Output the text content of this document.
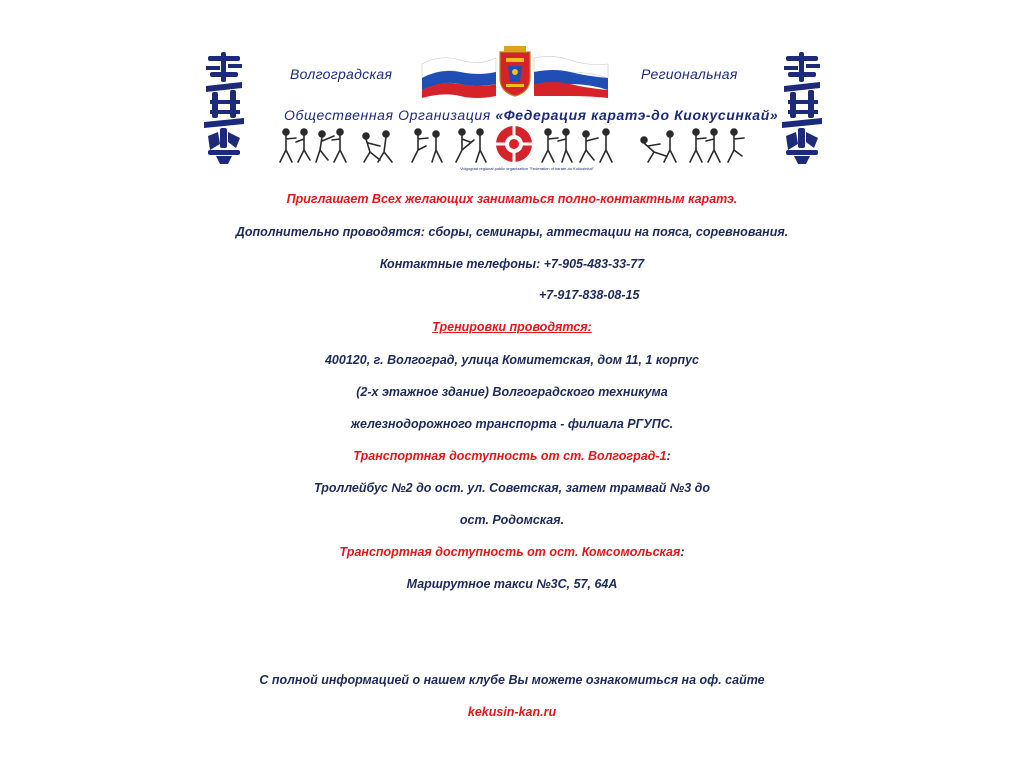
Волгоградская	Региональная
Общественная Организация «Федерация каратэ-до Киокусинкай»
Volgograd regional public organization "Federation of karate-do Kokusinkai"
Приглашает Всех желающих заниматься полно-контактным каратэ.
Дополнительно проводятся: сборы, семинары, аттестации на пояса, соревнования.
Контактные телефоны: +7-905-483-33-77
+7-917-838-08-15
Тренировки проводятся:
400120, г. Волгоград, улица Комитетская, дом 11, 1 корпус
(2-х этажное здание) Волгоградского техникума
железнодорожного транспорта - филиала РГУПС.
Транспортная доступность от ст. Волгоград-1:
Троллейбус №2 до ост. ул. Советская, затем трамвай №3 до
ост. Родомская.
Транспортная доступность от ост. Комсомольская:
Маршрутное такси №3С, 57, 64А
С полной информацией о нашем клубе Вы можете ознакомиться на оф. сайте
kekusin-kan.ru
